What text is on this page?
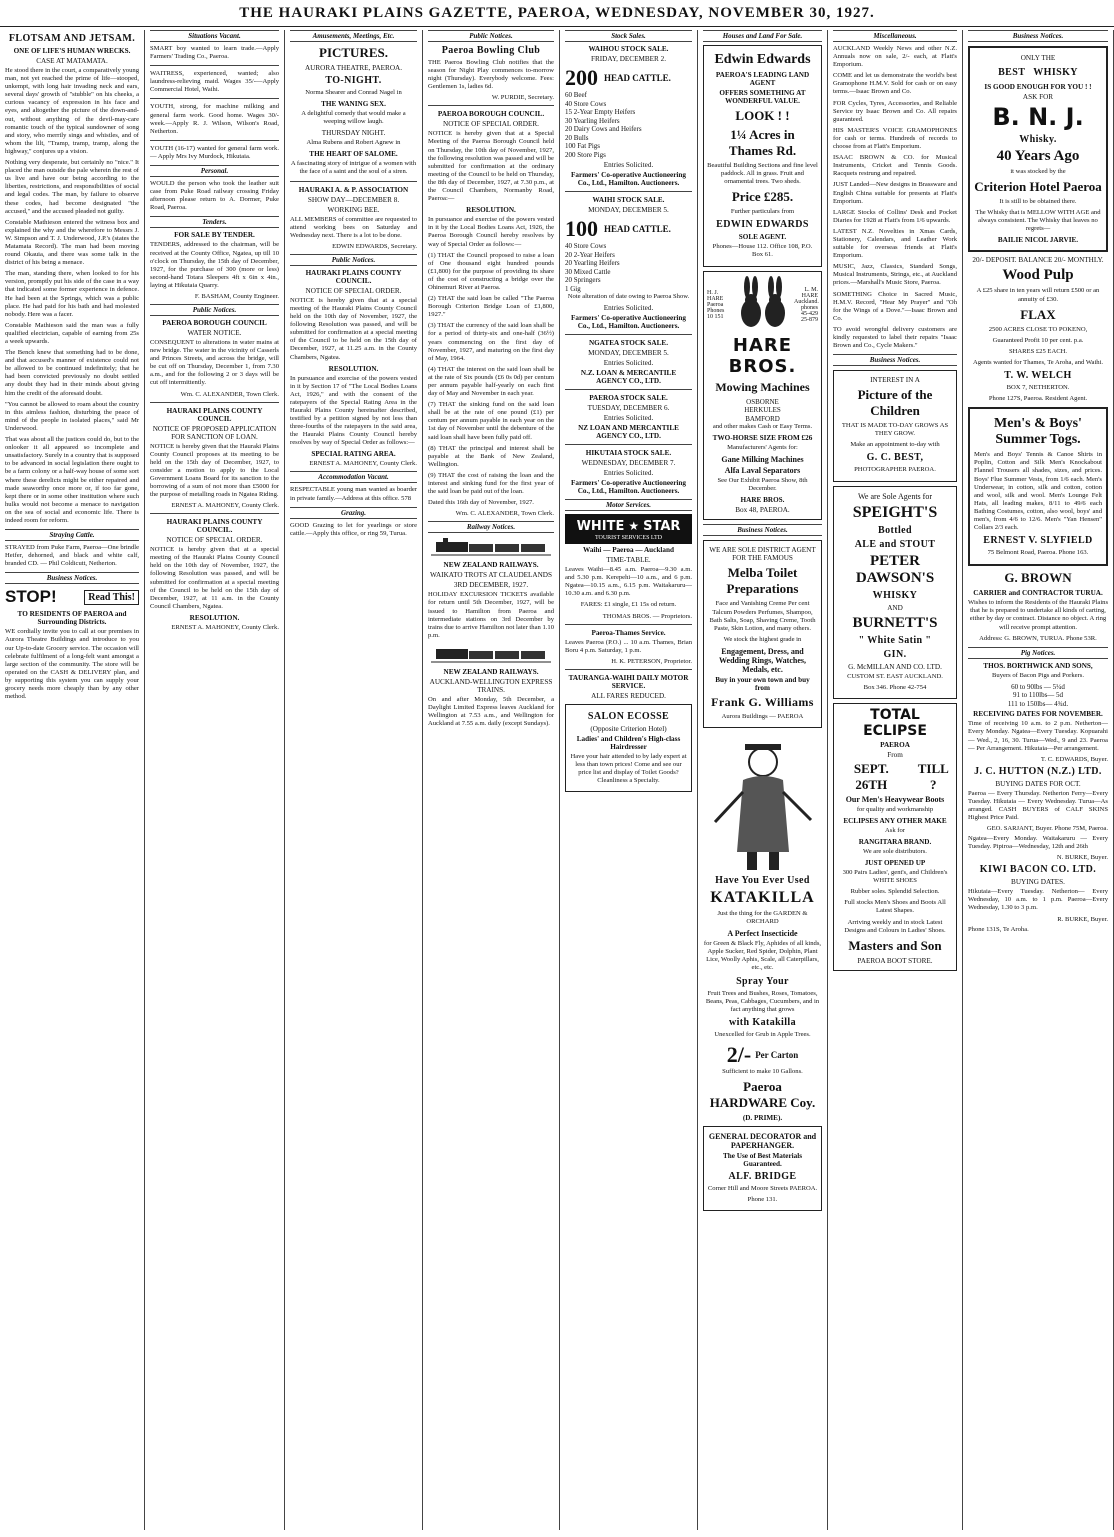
THE HAURAKI PLAINS GAZETTE, PAEROA, WEDNESDAY, NOVEMBER 30, 1927.
FLOTSAM AND JETSAM.
ONE OF LIFE'S HUMAN WRECKS.
CASE AT MATAMATA.

He stood there in the court, a comparatively young man, not yet reached the prime of life—stooped, unkempt, with long hair invading neck and ears, several days' growth of "stubble" on his cheeks, a curious vacancy of expression in his face and eyes, and altogether the picture of the down-and-out, without anything of the devil-may-care romantic touch of the typical sundowner of song and story, who merrily sings and whistles, and of whom the lilt, "Tramp, tramp, tramp, along the highway," conjures up a vision.

Nothing very desperate, but certainly no "nice." It placed the man outside the pale wherein the rest of us live and have our being according to the liberties, restrictions, and responsibilities of social and legal codes. The man, by failure to observe these codes, had become designated "the accused," and the accused pleaded not guilty.

Constable Mathieson entered the witness box and explained the why and the wherefore to Messrs J. W. Simpson and T. J. Underwood, J.P.'s (states the Matamata Record). The man had been moving round Okauia, and there was some talk in the district of his being a menace.

The man, standing there, when looked to for his version, promptly put his side of the case in a way that indicated some former experience in defence. He had been at the Springs, which was a public place. He had paid for his bath and had molested nobody. Here was a facer.

Constable Mathieson said the man was a fully qualified electrician, capable of earning from 25s a week upwards.

The Bench knew that something had to be done, and that accused's manner of existence could not be allowed to be continued indefinitely; that he had been convicted previously no doubt settled any doubt they had in their minds about giving him the credit of the aforesaid doubt.

"You cannot be allowed to roam about the country in this aimless fashion, disturbing the peace of mind of the people in isolated places," said Mr Underwood.

That was about all the justices could do, but to the onlooker it all appeared so incomplete and unsatisfactory. Surely in a country that is supposed to be advanced in social legislation there ought to be a farm colony or a half-way house of some sort where these derelicts might be either repaired and made seaworthy once more or, if too far gone, kept there or in some other institution where such hulks would not become a menace to navigation on the sea of social and economic life. There is indeed room for reform.

Straying Cattle.

STRAYED from Puke Farm, Paeroa—One brindle Heifer, dehorned, and black and white calf, branded CD. — Phil Coldicutt, Netherton.

Business Notices.
STOP!	Read This!
TO RESIDENTS OF PAEROA and Surrounding Districts.

WE cordially invite you to call at our premises in Aurora Theatre Buildings and introduce to you our Up-to-date Grocery service. The occasion will celebrate fulfilment of a long-felt want amongst a large section of the community. The store will be operated on the CASH & DELIVERY plan, and by supporting this system you can supply your grocery needs more cheaply than by any other method.

Situations Vacant.

SMART boy wanted to learn trade.—Apply Farmers' Trading Co., Paeroa.

WAITRESS, experienced, wanted; also laundress-relieving maid. Wages 35/-—Apply Commercial Hotel, Waihi.

YOUTH, strong, for machine milking and general farm work. Good home. Wages 30/-week.—Apply R. J. Wilson, Wilson's Road, Netherton.

YOUTH (16-17) wanted for general farm work. — Apply Mrs Ivy Murdock, Hikutaia.

Personal.

WOULD the person who took the leather suit case from Puke Road railway crossing Friday afternoon please return to A. Dormer, Puke Road, Paeroa.

Tenders.
FOR SALE BY TENDER.

TENDERS, addressed to the chairman, will be received at the County Office, Ngatea, up till 10 o'clock on Thursday, the 15th day of December, 1927, for the purchase of 300 (more or less) second-hand Totara Sleepers 4ft x 6in x 4in., laying at Hikutaia Quarry.

F. BASHAM, County Engineer.
Public Notices.
PAEROA BOROUGH COUNCIL
WATER NOTICE.

CONSEQUENT to alterations in water mains at new bridge. The water in the vicinity of Casserls and Princes Streets, and across the bridge, will be cut off on Thursday, December 1, from 7.30 a.m., and for the following 2 or 3 days will be cut off intermittently.

Wm. C. ALEXANDER, Town Clerk.
HAURAKI PLAINS COUNTY COUNCIL
NOTICE OF PROPOSED APPLICATION FOR SANCTION OF LOAN.

NOTICE is hereby given that the Hauraki Plains County Council proposes at its meeting to be held on the 15th day of December, 1927, to consider a motion to apply to the Local Government Loans Board for its sanction to the borrowing of a sum of not more than £5000 for the purpose of metalling roads in Ngatea Riding.

ERNEST A. MAHONEY, County Clerk.
HAURAKI PLAINS COUNTY COUNCIL.
NOTICE OF SPECIAL ORDER.

NOTICE is hereby given that at a special meeting of the Hauraki Plains County Council held on the 10th day of November, 1927, the following Resolution was passed, and will be submitted for confirmation at a special meeting of the Council to be held on the 15th day of December, 1927, at 11 a.m. in the County Council Chambers, Ngatea.

RESOLUTION.
ERNEST A. MAHONEY, County Clerk.
Amusements, Meetings, Etc.
PICTURES.
AURORA THEATRE, PAEROA.
TO-NIGHT.

Norma Shearer and Conrad Nagel in

THE WANING SEX.

A delightful comedy that would make a weeping willow laugh.

THURSDAY NIGHT.

Alma Rubens and Robert Agnew in

THE HEART OF SALOME.

A fascinating story of intrigue of a women with the face of a saint and the soul of a siren.

HAURAKI A. & P. ASSOCIATION
SHOW DAY—DECEMBER 8.
WORKING BEE.

ALL MEMBERS of committee are requested to attend working bees on Saturday and Wednesday next. There is a lot to be done.

EDWIN EDWARDS, Secretary.
Public Notices.
HAURAKI PLAINS COUNTY COUNCIL.
NOTICE OF SPECIAL ORDER.

NOTICE is hereby given that at a special meeting of the Hauraki Plains County Council held on the 10th day of November, 1927, the following Resolution was passed, and will be submitted for confirmation at a special meeting of the Council to be held on the 15th day of December, 1927, at 11.25 a.m. in the County Chambers, Ngatea.

RESOLUTION.

In pursuance and exercise of the powers vested in it by Section 17 of "The Local Bodies Loans Act, 1926," and with the consent of the ratepayers of the Special Rating Area in the Hauraki Plains County hereinafter described, testified by a petition signed by not less than three-fourths of the ratepayers in the said area, the Hauraki Plains County Council hereby resolves by way of Special Order as follows:—

SPECIAL RATING AREA.
ERNEST A. MAHONEY, County Clerk.
Accommodation Vacant.

RESPECTABLE young man wanted as boarder in private family.—Address at this office. 578

Grazing.

GOOD Grazing to let for yearlings or store cattle.—Apply this office, or ring 59, Turua.

Public Notices.
Paeroa Bowling Club

THE Paeroa Bowling Club notifies that the season for Night Play commences to-morrow night (Thursday). Everybody welcome. Fees: Gentlemen 1s, ladies 6d.

W. PURDIE, Secretary.
PAEROA BOROUGH COUNCIL.
NOTICE OF SPECIAL ORDER.

NOTICE is hereby given that at a Special Meeting of the Paeroa Borough Council held on Thursday, the 10th day of November, 1927, the following resolution was passed and will be submitted for confirmation at the ordinary meeting of the Council to be held on Thursday, the 8th day of December, 1927, at 7.30 p.m., at the Council Chambers, Normanby Road, Paeroa:—

RESOLUTION.

In pursuance and exercise of the powers vested in it by the Local Bodies Loans Act, 1926, the Paeroa Borough Council hereby resolves by way of Special Order as follows:—

(1) THAT the Council proposed to raise a loan of One thousand eight hundred pounds (£1,800) for the purpose of providing its share of the cost of constructing a bridge over the Ohinemuri River at Paeroa.

(2) THAT the said loan be called "The Paeroa Borough Criterion Bridge Loan of £1,800, 1927."

(3) THAT the currency of the said loan shall be for a period of thirty-six and one-half (36½) years commencing on the first day of November, 1927, and maturing on the first day of May, 1964.

(4) THAT the interest on the said loan shall be at the rate of Six pounds (£6 0s 0d) per centum per annum payable half-yearly on each first day of May and November in each year.

(7) THAT the sinking fund on the said loan shall be at the rate of one pound (£1) per centum per annum payable in each year on the 1st day of November until the debenture of the said loan shall have been fully paid off.

(8) THAT the principal and interest shall be payable at the Bank of New Zealand, Wellington.

(9) THAT the cost of raising the loan and the interest and sinking fund for the first year of the said loan be paid out of the loan.

Dated this 16th day of November, 1927.

Wm. C. ALEXANDER, Town Clerk.
Railway Notices.
NEW ZEALAND RAILWAYS.
WAIKATO TROTS AT CLAUDELANDS
3RD DECEMBER, 1927.

HOLIDAY EXCURSION TICKETS available for return until 5th December, 1927, will be issued to Hamilton from Paeroa and intermediate stations on 3rd December by trains due to arrive Hamilton not later than 1.10 p.m.

NEW ZEALAND RAILWAYS.
AUCKLAND-WELLINGTON EXPRESS TRAINS.

On and after Monday, 5th December, a Daylight Limited Express leaves Auckland for Wellington at 7.53 a.m., and Wellington for Auckland at 7.55 a.m. daily (except Sundays).

Stock Sales.
WAIHOU STOCK SALE.
FRIDAY, DECEMBER 2.
200 HEAD CATTLE.
60 Beef
40 Store Cows
15 2-Year Empty Heifers
30 Yearling Heifers
20 Dairy Cows and Heifers
20 Bulls
100 Fat Pigs
200 Store Pigs
Entries Solicited.
Farmers' Co-operative Auctioneering Co., Ltd., Hamilton. Auctioneers.
WAIHI STOCK SALE.
MONDAY, DECEMBER 5.
100 HEAD CATTLE.
40 Store Cows
20 2-Year Heifers
20 Yearling Heifers
30 Mixed Cattle
20 Springers
1 Gig

Note alteration of date owing to Paeroa Show.

Entries Solicited.
Farmers' Co-operative Auctioneering Co., Ltd., Hamilton. Auctioneers.
NGATEA STOCK SALE.
MONDAY, DECEMBER 5.
Entries Solicited.
N.Z. LOAN & MERCANTILE AGENCY CO., LTD.
PAEROA STOCK SALE.
TUESDAY, DECEMBER 6.
Entries Solicited.
NZ LOAN AND MERCANTILE AGENCY CO., LTD.
HIKUTAIA STOCK SALE.
WEDNESDAY, DECEMBER 7.
Entries Solicited.
Farmers' Co-operative Auctioneering Co., Ltd., Hamilton. Auctioneers.
Motor Services.
WHITE ★ STAR
TOURIST SERVICES LTD
Waihi — Paeroa — Auckland
TIME-TABLE.

Leaves Waihi—8.45 a.m. Paeroa—9.30 a.m. and 5.30 p.m. Kerepehi—10 a.m., and 6 p.m. Ngatea—10.15 a.m., 6.15 p.m. Waitakaruru—10.30 a.m. and 6.30 p.m.

FARES: £1 single, £1 15s od return.

THOMAS BROS. — Proprietors.
Paeroa-Thames Service.

Leaves Paeroa (P.O.) ... 10 a.m. Thames, Brian Boru 4 p.m. Saturday, 1 p.m.

H. K. PETERSON, Proprietor.
TAURANGA-WAIHI DAILY MOTOR SERVICE.
ALL FARES REDUCED.
SALON ECOSSE
(Opposite Criterion Hotel)
Ladies' and Children's High-class Hairdresser

Have your hair attended to by lady expert at less than town prices! Come and see our price list and display of Toilet Goods? Cleanliness a Specialty.

Houses and Land For Sale.
Edwin Edwards
PAEROA'S LEADING LAND AGENT
OFFERS SOMETHING AT WONDERFUL VALUE.
LOOK ! !
1¼ Acres in Thames Rd.

Beautiful Building Sections and fine level paddock. All in grass. Fruit and ornamental trees. Two sheds.

Price £285.

Further particulars from

EDWIN EDWARDS
SOLE AGENT.

Phones—House 112. Office 108, P.O. Box 61.

H. J. HARE Paeroa Phones 10 151
L. M. HARE Auckland. phones 45-429 25-879
HARE BROS.
Mowing Machines
OSBORNE
HERKULES
BAMFORD

and other makes Cash or Easy Terms.

TWO-HORSE SIZE FROM £26

Manufacturers' Agents for:

Gane Milking Machines
Alfa Laval Separators

See Our Exhibit Paeroa Show, 8th December.

HARE BROS.
Box 48, PAEROA.
Business Notices.
WE ARE SOLE DISTRICT AGENT FOR THE FAMOUS
Melba Toilet Preparations

Face and Vanishing Creme Per cent Talcum Powders Perfumes, Shampoo, Bath Salts, Soap, Shaving Creme, Tooth Paste, Skin Lotion, and many others.

We stock the highest grade in

Engagement, Dress, and Wedding Rings, Watches, Medals, etc.
Buy in your own town and buy from
Frank G. Williams

Aurora Buildings — PAEROA

Have You Ever Used
KATAKILLA

Just the thing for the GARDEN & ORCHARD

A Perfect Insecticide

for Green & Black Fly, Aphides of all kinds, Apple Sucker, Red Spider, Dolphin, Plant Lice, Woolly Aphis, Scale, all Caterpillars, etc., etc.

Spray Your

Fruit Trees and Bushes, Roses, Tomatoes, Beans, Peas, Cabbages, Cucumbers, and in fact anything that grows

with Katakilla

Unexcelled for Grub in Apple Trees.

2/- Per Carton

Sufficient to make 10 Gallons.

Paeroa HARDWARE Coy.
(D. PRIME).
GENERAL DECORATOR and PAPERHANGER.
The Use of Best Materials Guaranteed.
ALF. BRIDGE

Corner Hill and Moore Streets PAEROA.

Phone 131.

Miscellaneous.

AUCKLAND Weekly News and other N.Z. Annuals now on sale, 2/- each, at Flatt's Emporium.

COME and let us demonstrate the world's best Gramophone H.M.V. Sold for cash or on easy terms.—Isaac Brown and Co.

FOR Cycles, Tyres, Accessories, and Reliable Service try Isaac Brown and Co. All repairs guaranteed.

HIS MASTER'S VOICE GRAMOPHONES for cash or terms. Hundreds of records to choose from at Flatt's Emporium.

ISAAC BROWN & CO. for Musical Instruments, Cricket and Tennis Goods. Racquets restrung and repaired.

JUST Landed—New designs in Brassware and English China suitable for presents at Flatt's Emporium.

LARGE Stocks of Collins' Desk and Pocket Diaries for 1928 at Flatt's from 1/6 upwards.

LATEST N.Z. Novelties in Xmas Cards, Stationery, Calendars, and Leather Work suitable for overseas friends at Flatt's Emporium.

MUSIC, Jazz, Classics, Standard Songs, Musical Instruments, Strings, etc., at Auckland prices.—Marshall's Music Store, Paeroa.

SOMETHING Choice in Sacred Music, H.M.V. Record, "Hear My Prayer" and "Oh for the Wings of a Dove."—Isaac Brown and Co.

TO avoid wrongful delivery customers are kindly requested to label their repairs "Isaac Brown and Co., Cycle Makers."

Business Notices.
INTEREST IN A
Picture of the Children

THAT IS MADE TO-DAY GROWS AS THEY GROW.

Make an appointment to-day with

G. C. BEST,

PHOTOGRAPHER PAEROA.

We are Sole Agents for
SPEIGHT'S
Bottled
ALE and STOUT
PETER DAWSON'S
WHISKY
AND
BURNETT'S
" White Satin "
GIN.
G. McMILLAN AND CO. LTD.

CUSTOM ST. EAST AUCKLAND.

Box 346. Phone 42-754

TOTAL ECLIPSE
PAEROA
From
SEPT. 26TH
TILL ?
Our Men's Heavywear Boots

for quality and workmanship

ECLIPSES ANY OTHER MAKE

Ask for

RANGITARA BRAND.

We are sole distributors.

JUST OPENED UP

300 Pairs Ladies', gent's, and Children's WHITE SHOES

Rubber soles. Splendid Selection.

Full stocks Men's Shoes and Boots All Latest Shapes.

Arriving weekly and in stock Latest Designs and Colours in Ladies' Shoes.

Masters and Son
PAEROA BOOT STORE.
Business Notices.
ONLY THE
BEST WHISKY
IS GOOD ENOUGH FOR YOU ! !
ASK FOR
B. N. J.
Whisky.
40 Years Ago

it was stocked by the

Criterion Hotel Paeroa

It is still to be obtained there.

The Whisky that is MELLOW WITH AGE and always consistent. The Whisky that leaves no regrets—

BAILIE NICOL JARVIE.
20/- DEPOSIT. BALANCE 20/- MONTHLY.
Wood Pulp

A £25 share in ten years will return £500 or an annuity of £30.

FLAX

2500 ACRES CLOSE TO POKENO,

Guaranteed Profit 10 per cent. p.a.

SHARES £25 EACH.

Agents wanted for Thames, Te Aroha, and Waihi.

T. W. WELCH

BOX 7, NETHERTON.

Phone 127S, Paeroa. Resident Agent.

Men's & Boys' Summer Togs.

Men's and Boys' Tennis & Canoe Shirts in Poplin, Cotton and Silk Men's Knockabout Flannel Trousers all shades, sizes, and prices. Boys' Flue Summer Vests, from 1/6 each. Men's Underwear, in cotton, silk and cotton, cotton and wool, silk and wool. Men's Lounge Felt Hats, all leading makes, 8/11 to 49/6 each Bathing Costumes, cotton, also wool, boys' and men's, from 4/6 to 12/6. Men's "Yan Hensen" Collars 2/3 each.

ERNEST V. SLYFIELD

75 Belmont Road, Paeroa. Phone 163.

G. BROWN
CARRIER and CONTRACTOR TURUA.

Wishes to inform the Residents of the Hauraki Plains that he is prepared to undertake all kinds of carting, either by day or contract. Distance no object. A ring will receive prompt attention.

Address: G. BROWN, TURUA. Phone 53R.

Pig Notices.
THOS. BORTHWICK AND SONS,

Buyers of Bacon Pigs and Porkers.

60 to 90lbs — 5¼d
91 to 110lbs— 5d
111 to 150lbs— 4¾d.
RECEIVING DATES FOR NOVEMBER.

Time of receiving 10 a.m. to 2 p.m. Netherton—Every Monday. Ngatea—Every Tuesday. Kopuarahi — Wed., 2, 16, 30. Turua—Wed., 9 and 23. Paeroa— Per Arrangement. Hikutaia—Per arrangement.

T. C. EDWARDS, Buyer.
J. C. HUTTON (N.Z.) LTD.
BUYING DATES FOR OCT.

Paeroa — Every Thursday. Netherton Ferry—Every Tuesday. Hikutaia — Every Wednesday. Turua—As arranged. CASH BUYERS of CALF SKINS Highest Price Paid.

GEO. SARJANT, Buyer. Phone 75M, Paeroa.

Ngatea—Every Monday. Waitakaruru — Every Tuesday. Pipiroa—Wednesday, 12th and 26th

N. BURKE, Buyer.
KIWI BACON CO. LTD.
BUYING DATES.

Hikutaia—Every Tuesday. Netherton— Every Wednesday, 10 a.m. to 1 p.m. Paeroa—Every Wednesday, 1.30 to 3 p.m.

R. BURKE, Buyer.

Phone 131S, Te Aroha.
